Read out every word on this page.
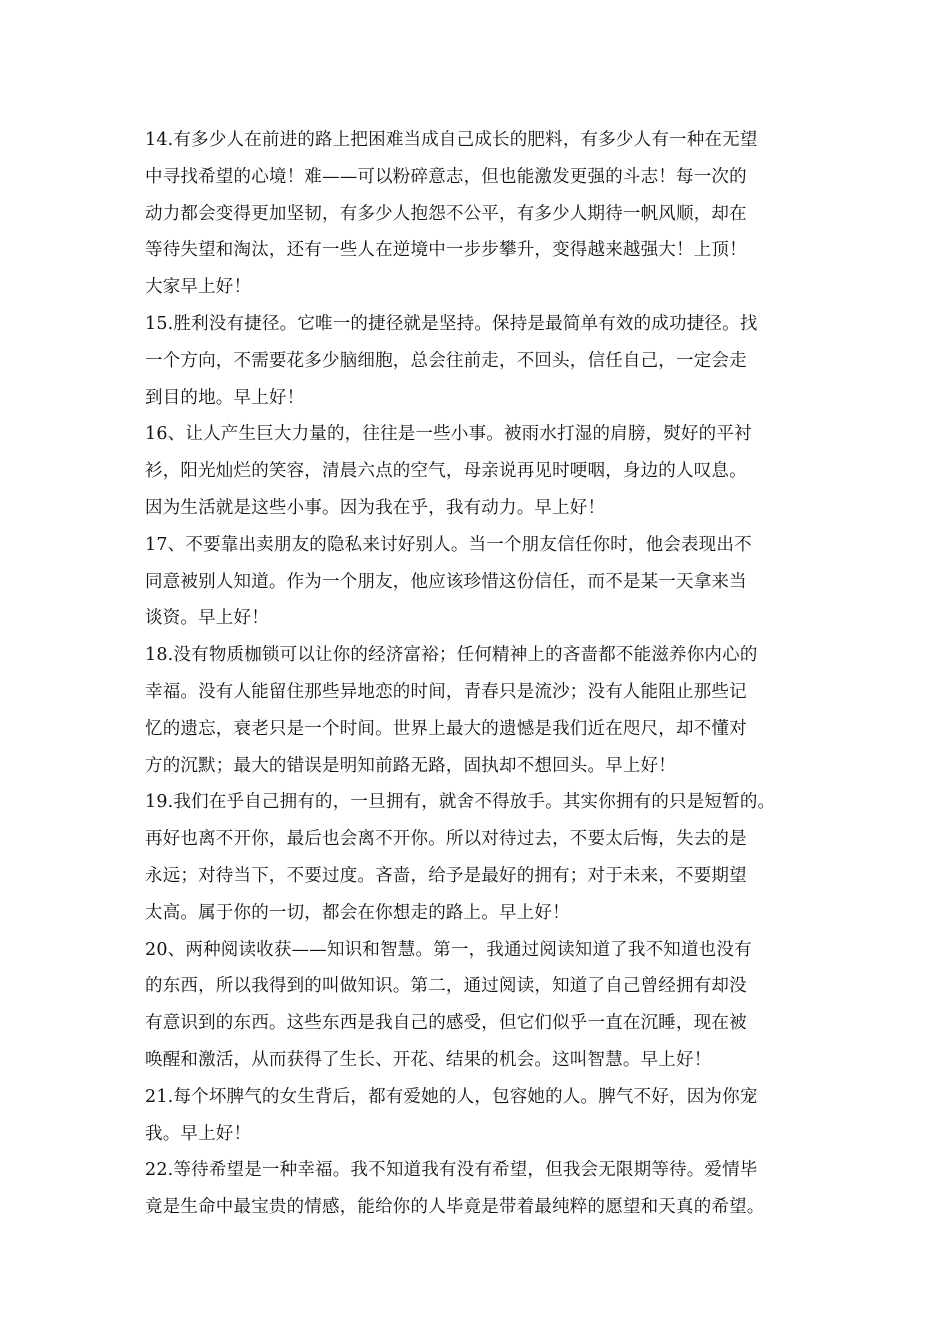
14.有多少人在前进的路上把困难当成自己成长的肥料，有多少人有一种在无望
中寻找希望的心境！难——可以粉碎意志，但也能激发更强的斗志！每一次的
动力都会变得更加坚韧，有多少人抱怨不公平，有多少人期待一帆风顺，却在
等待失望和淘汰，还有一些人在逆境中一步步攀升，变得越来越强大！上顶！
大家早上好！
15.胜利没有捷径。它唯一的捷径就是坚持。保持是最简单有效的成功捷径。找
一个方向，不需要花多少脑细胞，总会往前走，不回头，信任自己，一定会走
到目的地。早上好！
16、让人产生巨大力量的，往往是一些小事。被雨水打湿的肩膀，熨好的平衬
衫，阳光灿烂的笑容，清晨六点的空气，母亲说再见时哽咽，身边的人叹息。
因为生活就是这些小事。因为我在乎，我有动力。早上好！
17、不要靠出卖朋友的隐私来讨好别人。当一个朋友信任你时，他会表现出不
同意被别人知道。作为一个朋友，他应该珍惜这份信任，而不是某一天拿来当
谈资。早上好！
18.没有物质枷锁可以让你的经济富裕；任何精神上的吝啬都不能滋养你内心的
幸福。没有人能留住那些异地恋的时间，青春只是流沙；没有人能阻止那些记
忆的遗忘，衰老只是一个时间。世界上最大的遗憾是我们近在咫尺，却不懂对
方的沉默；最大的错误是明知前路无路，固执却不想回头。早上好！
19.我们在乎自己拥有的，一旦拥有，就舍不得放手。其实你拥有的只是短暂的。
再好也离不开你，最后也会离不开你。所以对待过去，不要太后悔，失去的是
永远；对待当下，不要过度。吝啬，给予是最好的拥有；对于未来，不要期望
太高。属于你的一切，都会在你想走的路上。早上好！
20、两种阅读收获——知识和智慧。第一，我通过阅读知道了我不知道也没有
的东西，所以我得到的叫做知识。第二，通过阅读，知道了自己曾经拥有却没
有意识到的东西。这些东西是我自己的感受，但它们似乎一直在沉睡，现在被
唤醒和激活，从而获得了生长、开花、结果的机会。这叫智慧。早上好！
21.每个坏脾气的女生背后，都有爱她的人，包容她的人。脾气不好，因为你宠
我。早上好！
22.等待希望是一种幸福。我不知道我有没有希望，但我会无限期等待。爱情毕
竟是生命中最宝贵的情感，能给你的人毕竟是带着最纯粹的愿望和天真的希望。
